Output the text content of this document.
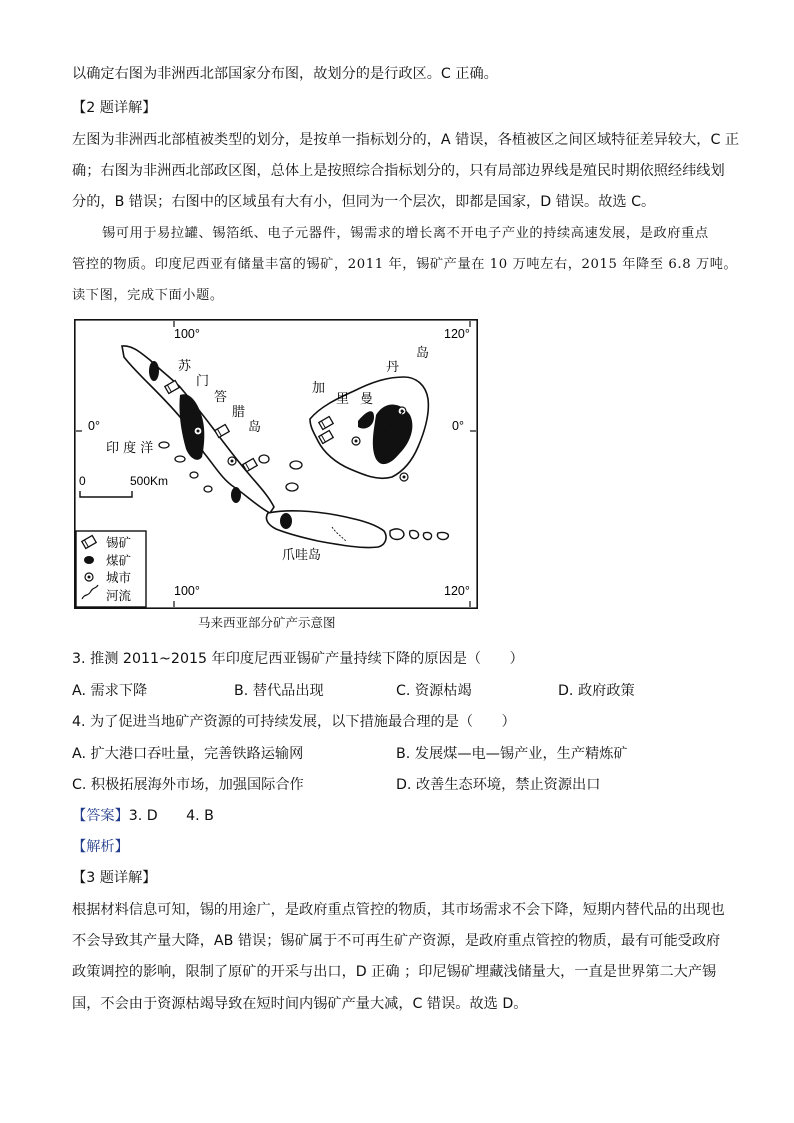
以确定右图为非洲西北部国家分布图，故划分的是行政区。C 正确。
【2 题详解】
左图为非洲西北部植被类型的划分，是按单一指标划分的，A 错误，各植被区之间区域特征差异较大，C 正
确；右图为非洲西北部政区图，总体上是按照综合指标划分的，只有局部边界线是殖民时期依照经纬线划
分的，B 错误；右图中的区域虽有大有小，但同为一个层次，即都是国家，D 错误。故选 C。
锡可用于易拉罐、锡箔纸、电子元器件，锡需求的增长离不开电子产业的持续高速发展，是政府重点
管控的物质。印度尼西亚有储量丰富的锡矿，2011 年，锡矿产量在 10 万吨左右，2015 年降至 6.8 万吨。
读下图，完成下面小题。
100°	120°
100°	120°
0°	0°
苏
门
答
腊
岛
加
里 曼
丹
岛
印 度 洋
爪哇岛
0	500Km
锡矿
煤矿
城市
河流
马来西亚部分矿产示意图
3. 推测 2011~2015 年印度尼西亚锡矿产量持续下降的原因是（　　）
A. 需求下降	B. 替代品出现	C. 资源枯竭	D. 政府政策
4. 为了促进当地矿产资源的可持续发展，以下措施最合理的是（　　）
A. 扩大港口吞吐量，完善铁路运输网	B. 发展煤—电—锡产业，生产精炼矿
C. 积极拓展海外市场，加强国际合作	D. 改善生态环境，禁止资源出口
【答案】3. D　　4. B
【解析】
【3 题详解】
根据材料信息可知，锡的用途广，是政府重点管控的物质，其市场需求不会下降，短期内替代品的出现也
不会导致其产量大降，AB 错误；锡矿属于不可再生矿产资源，是政府重点管控的物质，最有可能受政府
政策调控的影响，限制了原矿的开采与出口，D 正确 ；印尼锡矿埋藏浅储量大，一直是世界第二大产锡
国，不会由于资源枯竭导致在短时间内锡矿产量大减，C 错误。故选 D。
